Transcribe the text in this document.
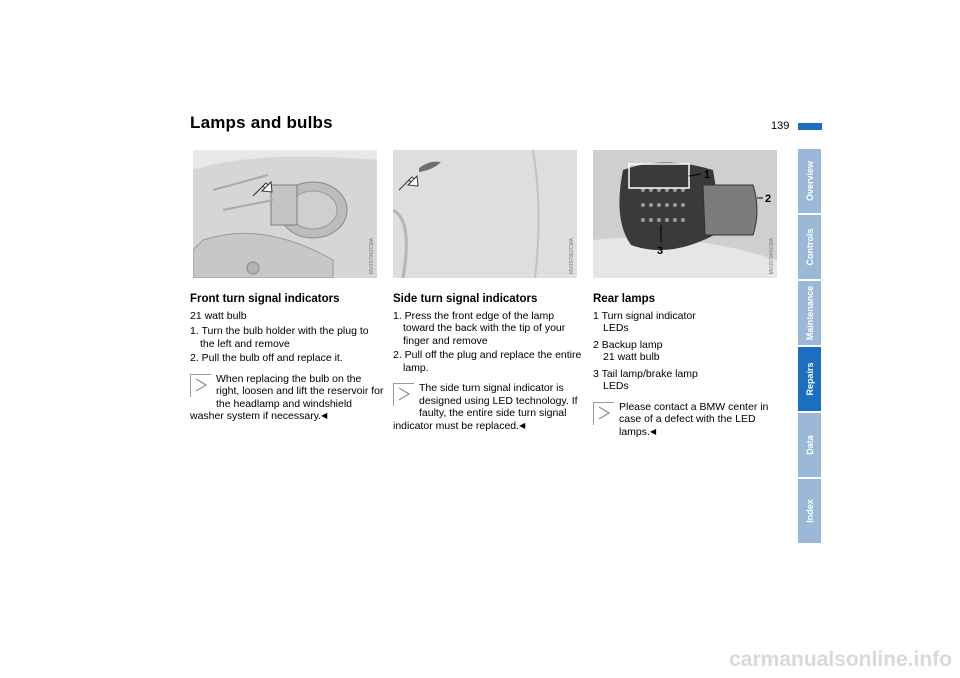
Lamps and bulbs	139
MV0S794ZCMA	MV0S786ZCMA
1
2
3	MV0S794SCMA
Front turn signal indicators

21 watt bulb

1. Turn the bulb holder with the plug to the left and remove
2. Pull the bulb off and replace it.
When replacing the bulb on the right, loosen and lift the reservoir for the headlamp and windshield washer system if necessary.◀
Side turn signal indicators
1. Press the front edge of the lamp toward the back with the tip of your finger and remove
2. Pull off the plug and replace the entire lamp.
The side turn signal indicator is designed using LED technology. If faulty, the entire side turn signal indicator must be replaced.◀
Rear lamps
1 Turn signal indicator
LEDs
2 Backup lamp
21 watt bulb
3 Tail lamp/brake lamp
LEDs
Please contact a BMW center in case of a defect with the LED lamps.◀
Overview
Controls
Maintenance
Repairs
Data
Index
carmanualsonline.info
